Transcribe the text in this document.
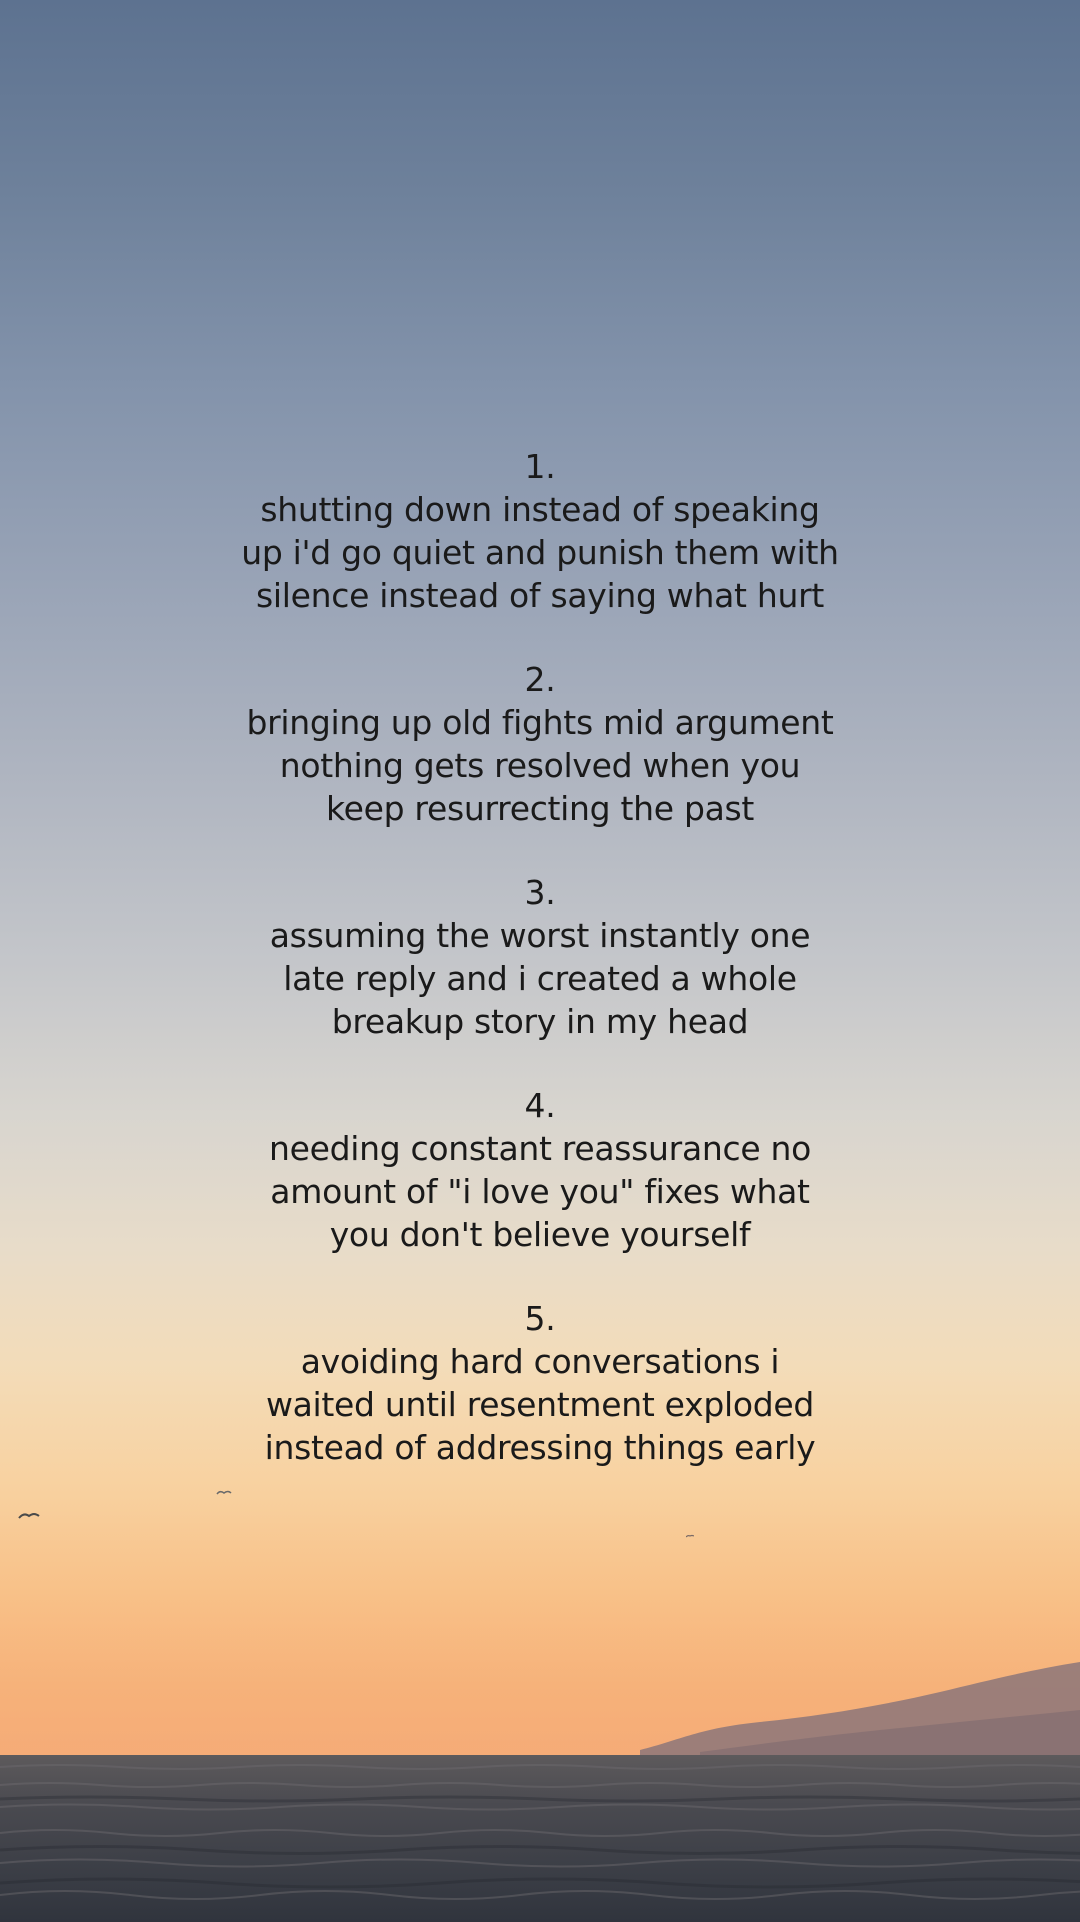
1.
shutting down instead of speaking
up i'd go quiet and punish them with
silence instead of saying what hurt
2.
bringing up old fights mid argument
nothing gets resolved when you
keep resurrecting the past
3.
assuming the worst instantly one
late reply and i created a whole
breakup story in my head
4.
needing constant reassurance no
amount of "i love you" fixes what
you don't believe yourself
5.
avoiding hard conversations i
waited until resentment exploded
instead of addressing things early
